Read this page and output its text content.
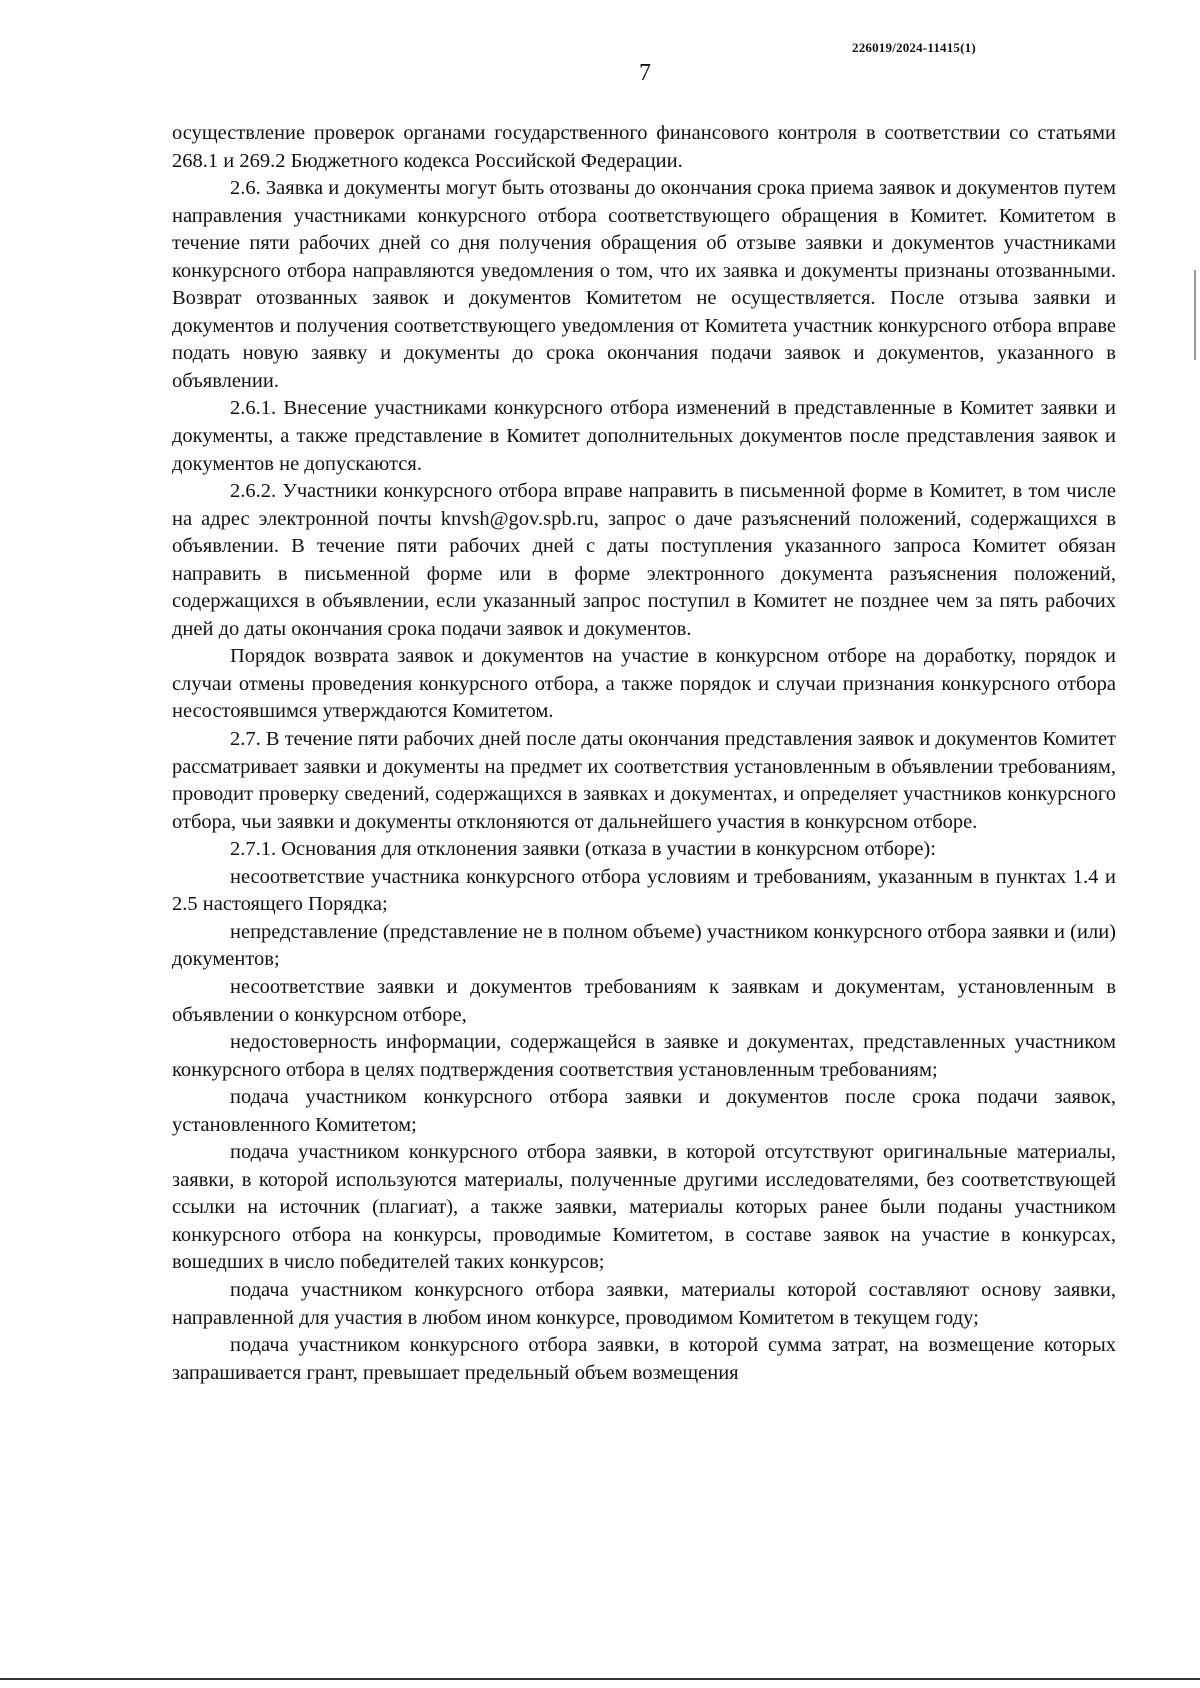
226019/2024-11415(1)
7

осуществление проверок органами государственного финансового контроля в соответствии со статьями 268.1 и 269.2 Бюджетного кодекса Российской Федерации.

2.6. Заявка и документы могут быть отозваны до окончания срока приема заявок и документов путем направления участниками конкурсного отбора соответствующего обращения в Комитет. Комитетом в течение пяти рабочих дней со дня получения обращения об отзыве заявки и документов участниками конкурсного отбора направляются уведомления о том, что их заявка и документы признаны отозванными. Возврат отозванных заявок и документов Комитетом не осуществляется. После отзыва заявки и документов и получения соответствующего уведомления от Комитета участник конкурсного отбора вправе подать новую заявку и документы до срока окончания подачи заявок и документов, указанного в объявлении.

2.6.1. Внесение участниками конкурсного отбора изменений в представленные в Комитет заявки и документы, а также представление в Комитет дополнительных документов после представления заявок и документов не допускаются.

2.6.2. Участники конкурсного отбора вправе направить в письменной форме в Комитет, в том числе на адрес электронной почты knvsh@gov.spb.ru, запрос о даче разъяснений положений, содержащихся в объявлении. В течение пяти рабочих дней с даты поступления указанного запроса Комитет обязан направить в письменной форме или в форме электронного документа разъяснения положений, содержащихся в объявлении, если указанный запрос поступил в Комитет не позднее чем за пять рабочих дней до даты окончания срока подачи заявок и документов.

Порядок возврата заявок и документов на участие в конкурсном отборе на доработку, порядок и случаи отмены проведения конкурсного отбора, а также порядок и случаи признания конкурсного отбора несостоявшимся утверждаются Комитетом.

2.7. В течение пяти рабочих дней после даты окончания представления заявок и документов Комитет рассматривает заявки и документы на предмет их соответствия установленным в объявлении требованиям, проводит проверку сведений, содержащихся в заявках и документах, и определяет участников конкурсного отбора, чьи заявки и документы отклоняются от дальнейшего участия в конкурсном отборе.

2.7.1. Основания для отклонения заявки (отказа в участии в конкурсном отборе):

несоответствие участника конкурсного отбора условиям и требованиям, указанным в пунктах 1.4 и 2.5 настоящего Порядка;

непредставление (представление не в полном объеме) участником конкурсного отбора заявки и (или) документов;

несоответствие заявки и документов требованиям к заявкам и документам, установленным в объявлении о конкурсном отборе,

недостоверность информации, содержащейся в заявке и документах, представленных участником конкурсного отбора в целях подтверждения соответствия установленным требованиям;

подача участником конкурсного отбора заявки и документов после срока подачи заявок, установленного Комитетом;

подача участником конкурсного отбора заявки, в которой отсутствуют оригинальные материалы, заявки, в которой используются материалы, полученные другими исследователями, без соответствующей ссылки на источник (плагиат), а также заявки, материалы которых ранее были поданы участником конкурсного отбора на конкурсы, проводимые Комитетом, в составе заявок на участие в конкурсах, вошедших в число победителей таких конкурсов;

подача участником конкурсного отбора заявки, материалы которой составляют основу заявки, направленной для участия в любом ином конкурсе, проводимом Комитетом в текущем году;

подача участником конкурсного отбора заявки, в которой сумма затрат, на возмещение которых запрашивается грант, превышает предельный объем возмещения
